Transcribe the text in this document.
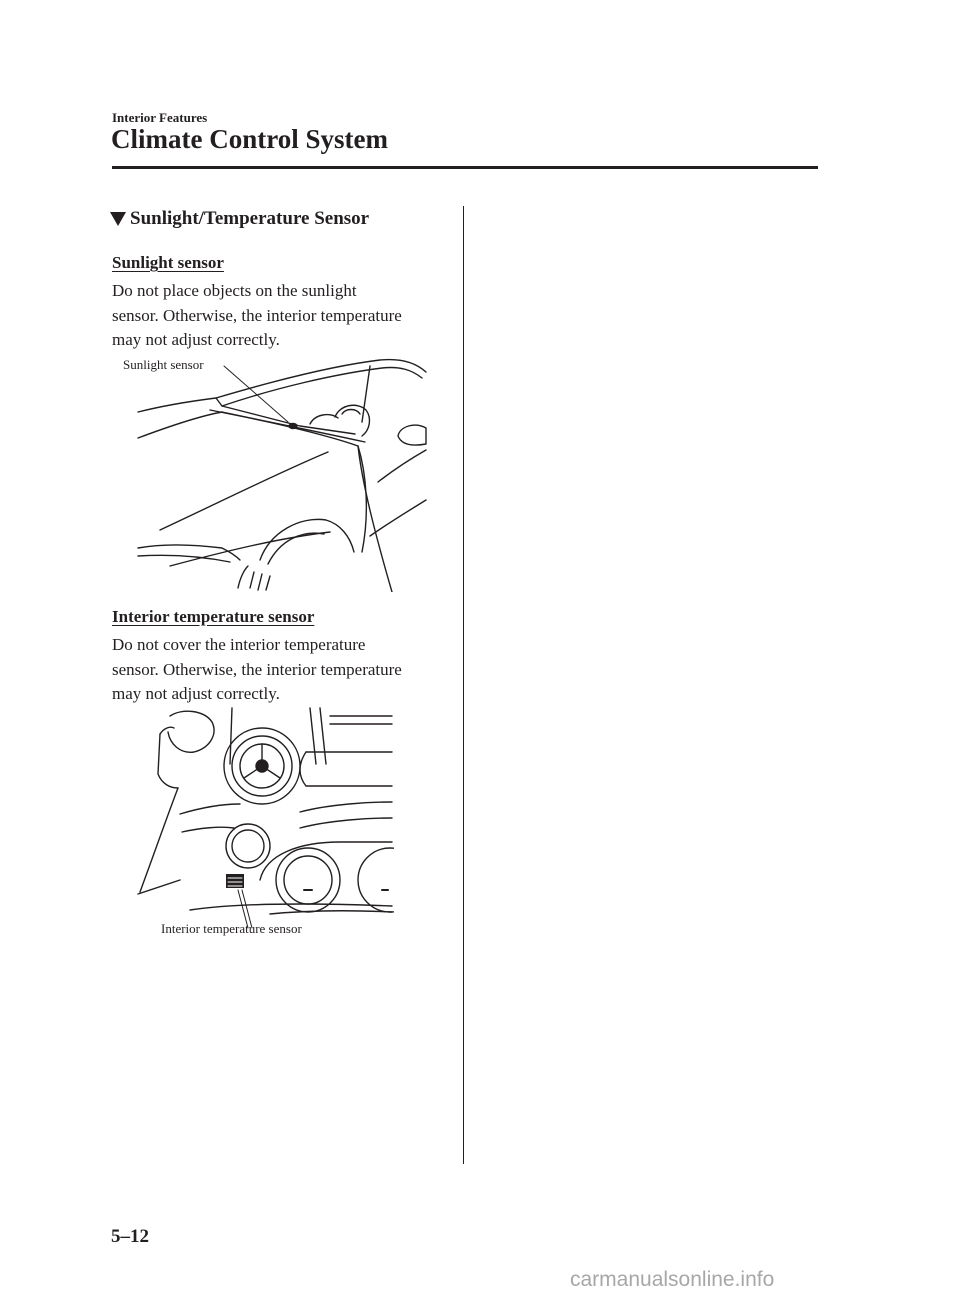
Interior Features
Climate Control System
Sunlight/Temperature Sensor
Sunlight sensor

Do not place objects on the sunlight
sensor. Otherwise, the interior temperature
may not adjust correctly.

Sunlight sensor
Interior temperature sensor

Do not cover the interior temperature
sensor. Otherwise, the interior temperature
may not adjust correctly.

Interior temperature sensor
5–12
carmanualsonline.info
